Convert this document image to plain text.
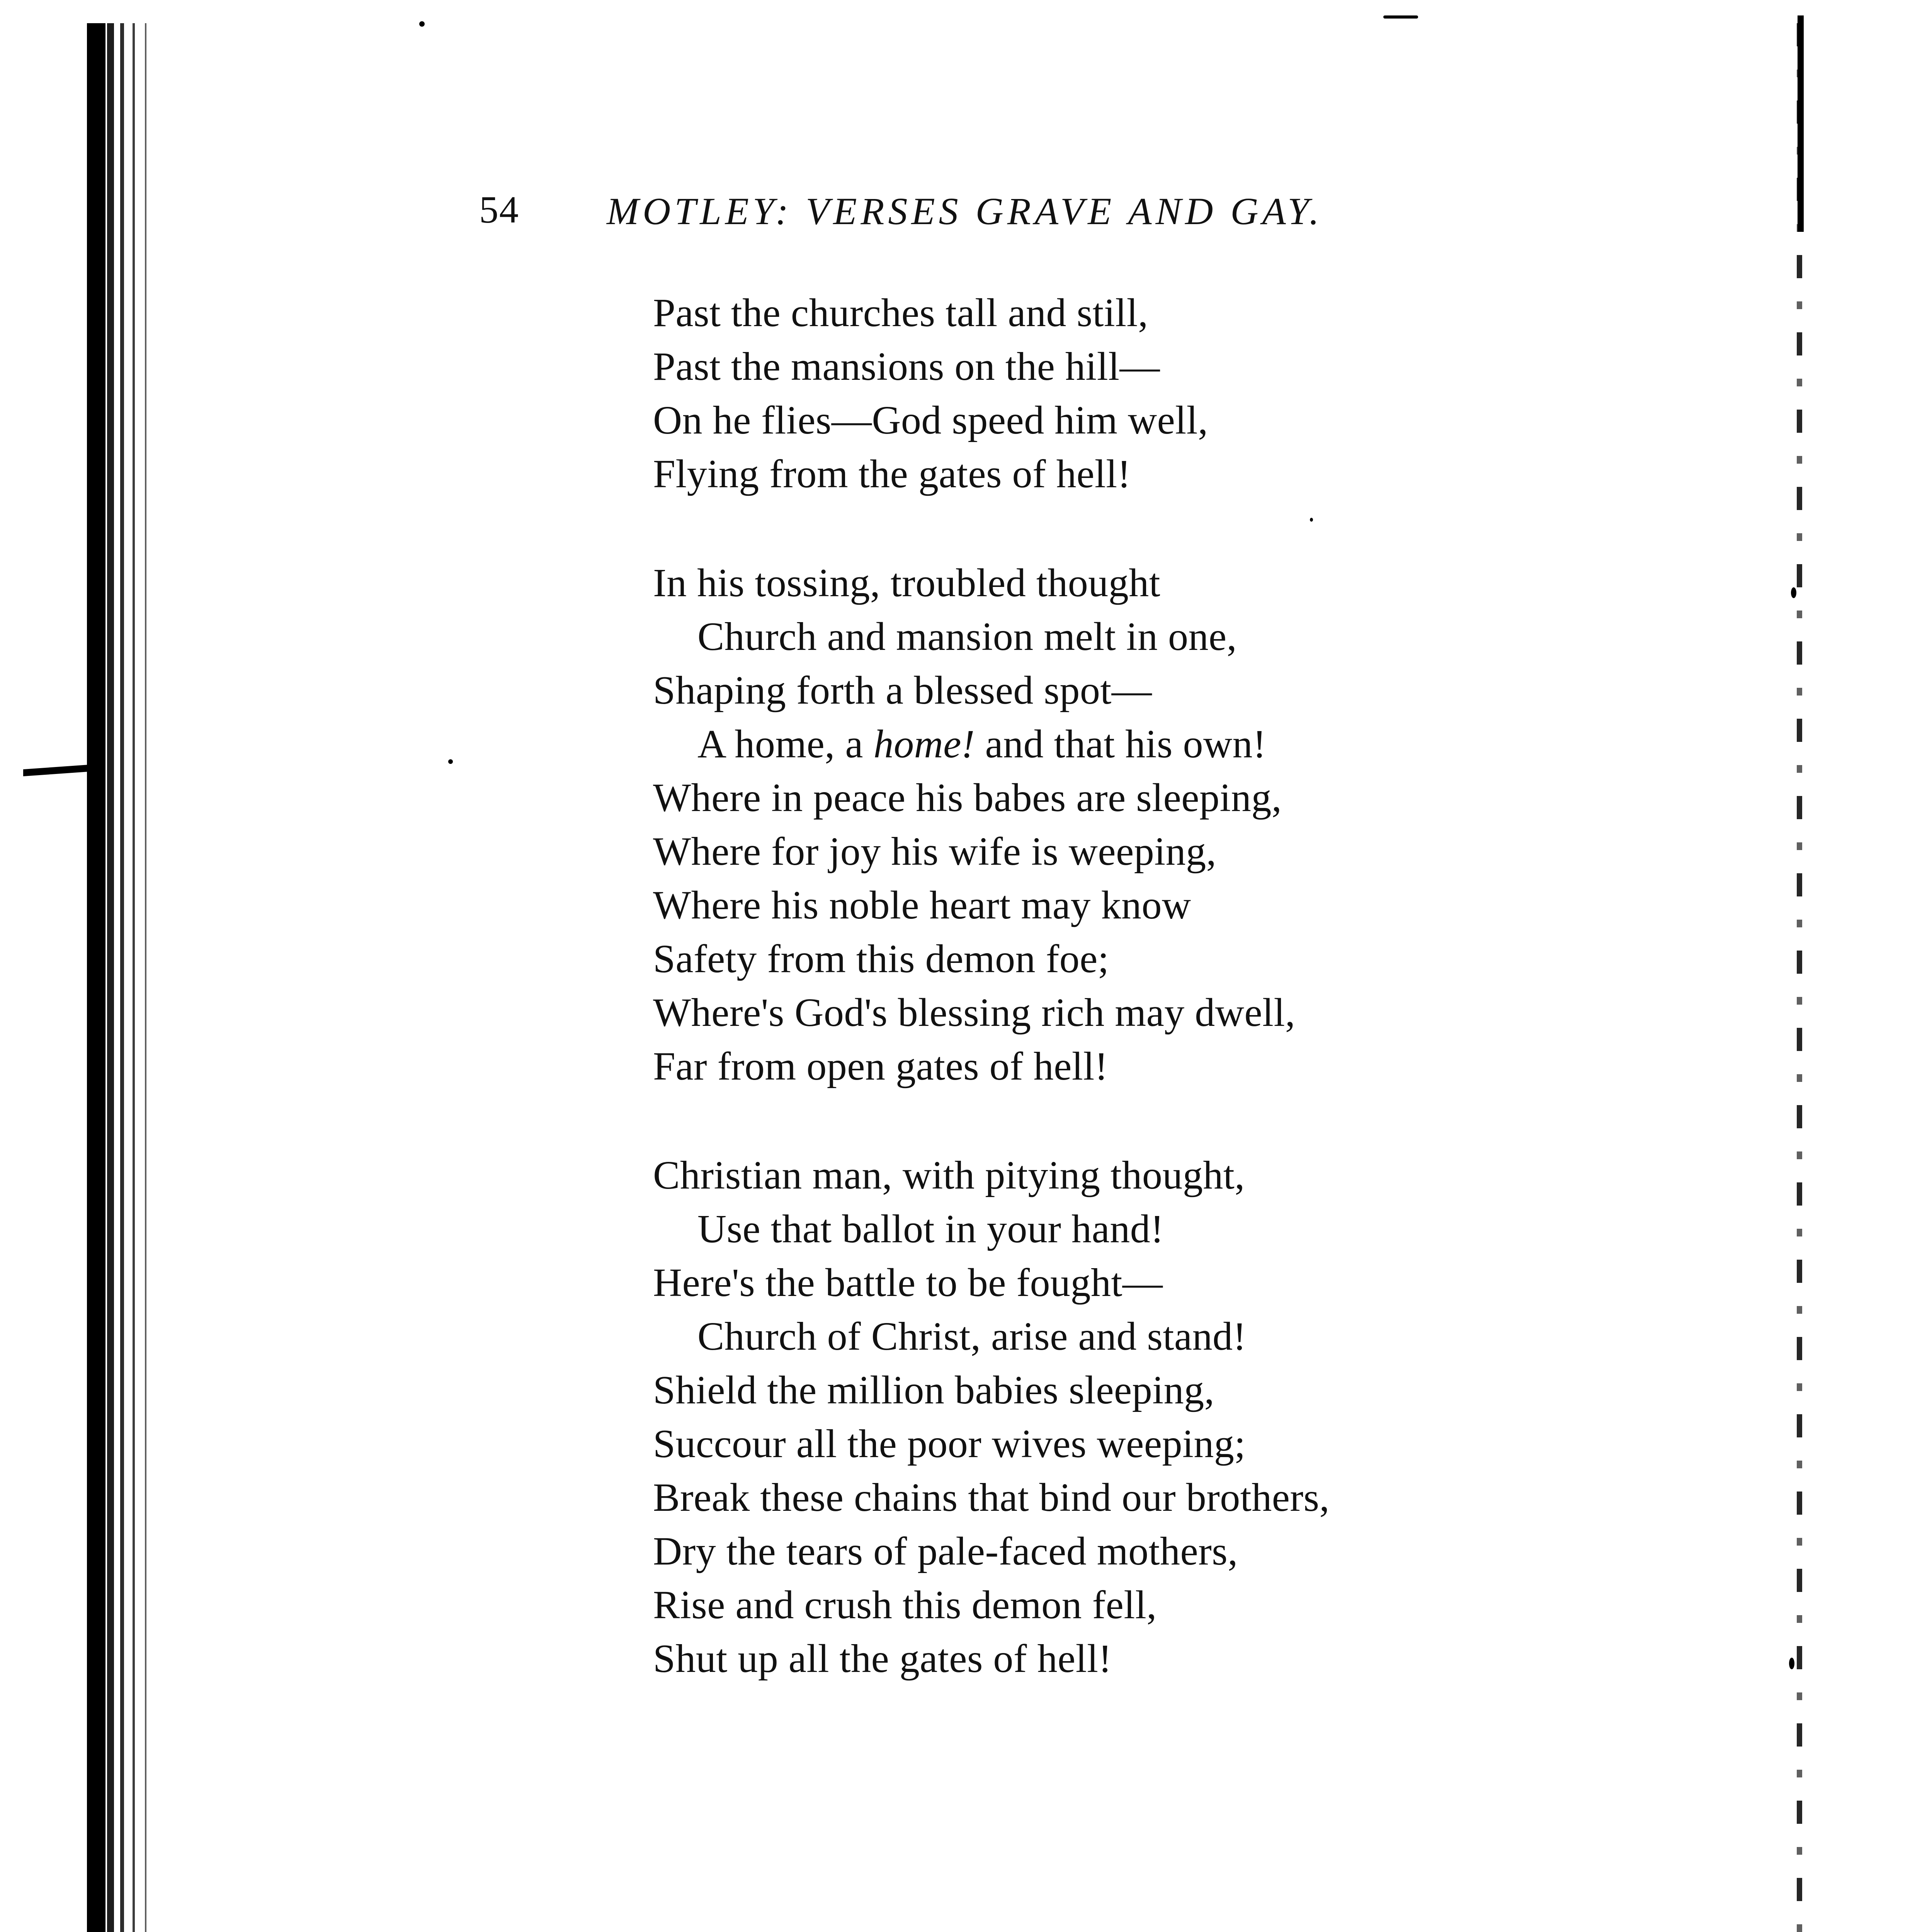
54 MOTLEY: VERSES GRAVE AND GAY.
Past the churches tall and still,
Past the mansions on the hill—
On he flies—God speed him well,
Flying from the gates of hell!
In his tossing, troubled thought
Church and mansion melt in one,
Shaping forth a blessed spot—
A home, a home! and that his own!
Where in peace his babes are sleeping,
Where for joy his wife is weeping,
Where his noble heart may know
Safety from this demon foe;
Where's God's blessing rich may dwell,
Far from open gates of hell!
Christian man, with pitying thought,
Use that ballot in your hand!
Here's the battle to be fought—
Church of Christ, arise and stand!
Shield the million babies sleeping,
Succour all the poor wives weeping;
Break these chains that bind our brothers,
Dry the tears of pale-faced mothers,
Rise and crush this demon fell,
Shut up all the gates of hell!
